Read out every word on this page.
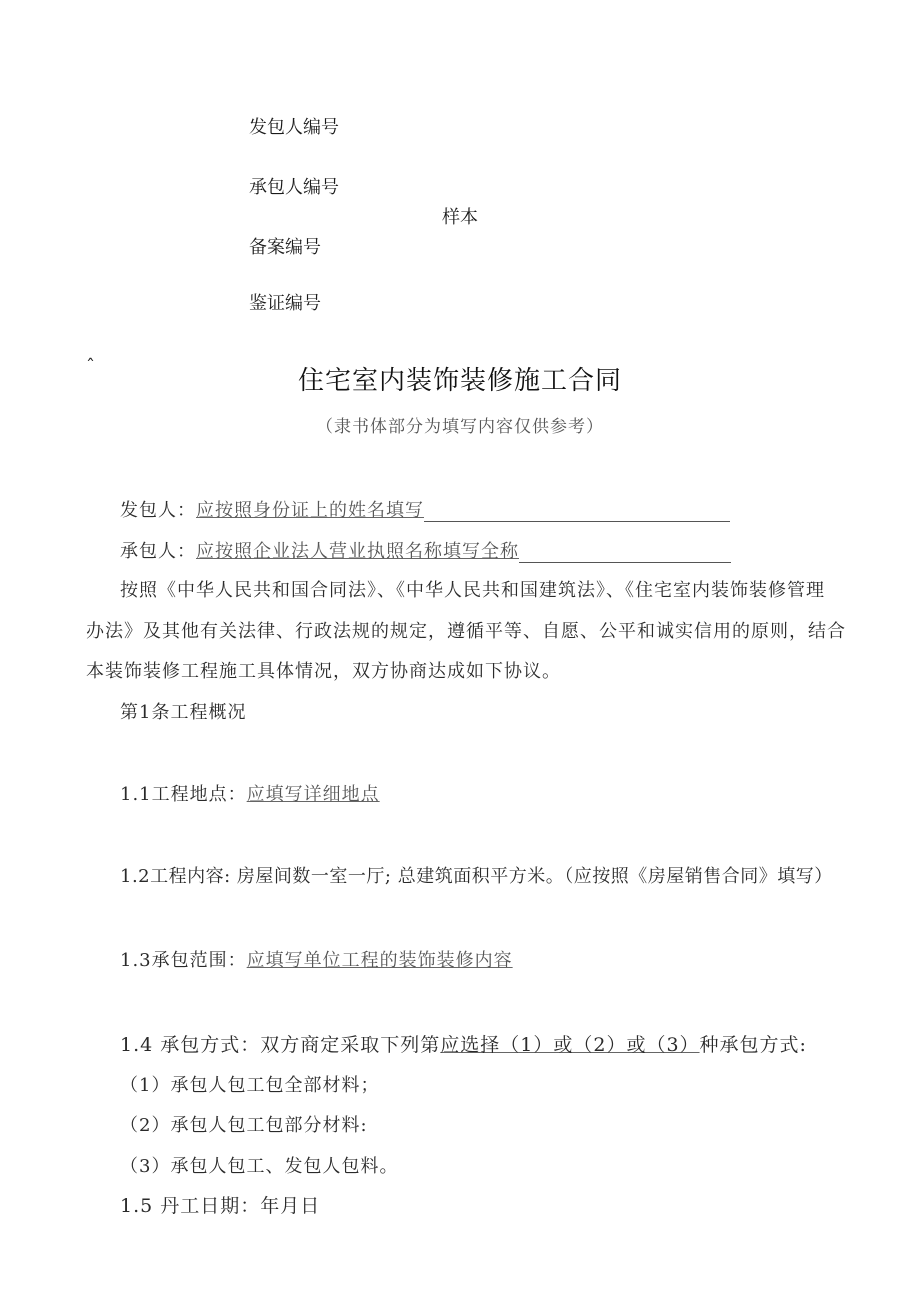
发包人编号
承包人编号
样本
备案编号
鉴证编号
ˆ	住宅室内装饰装修施工合同
（隶书体部分为填写内容仅供参考）
发包人：应按照身份证上的姓名填写
承包人：应按照企业法人营业执照名称填写全称
按照《中华人民共和国合同法》、《中华人民共和国建筑法》、《住宅室内装饰装修管理
办法》及其他有关法律、行政法规的规定，遵循平等、自愿、公平和诚实信用的原则，结合
本装饰装修工程施工具体情况，双方协商达成如下协议。
第1条工程概况
1.1工程地点：应填写详细地点
1.2工程内容: 房屋间数一室一厅; 总建筑面积平方米。（应按照《房屋销售合同》填写）
1.3承包范围：应填写单位工程的装饰装修内容
1.4 承包方式：双方商定采取下列第应选择（1）或（2）或（3）种承包方式:
（1）承包人包工包全部材料；
（2）承包人包工包部分材料:
（3）承包人包工、发包人包料。
1.5 丹工日期：年月日
